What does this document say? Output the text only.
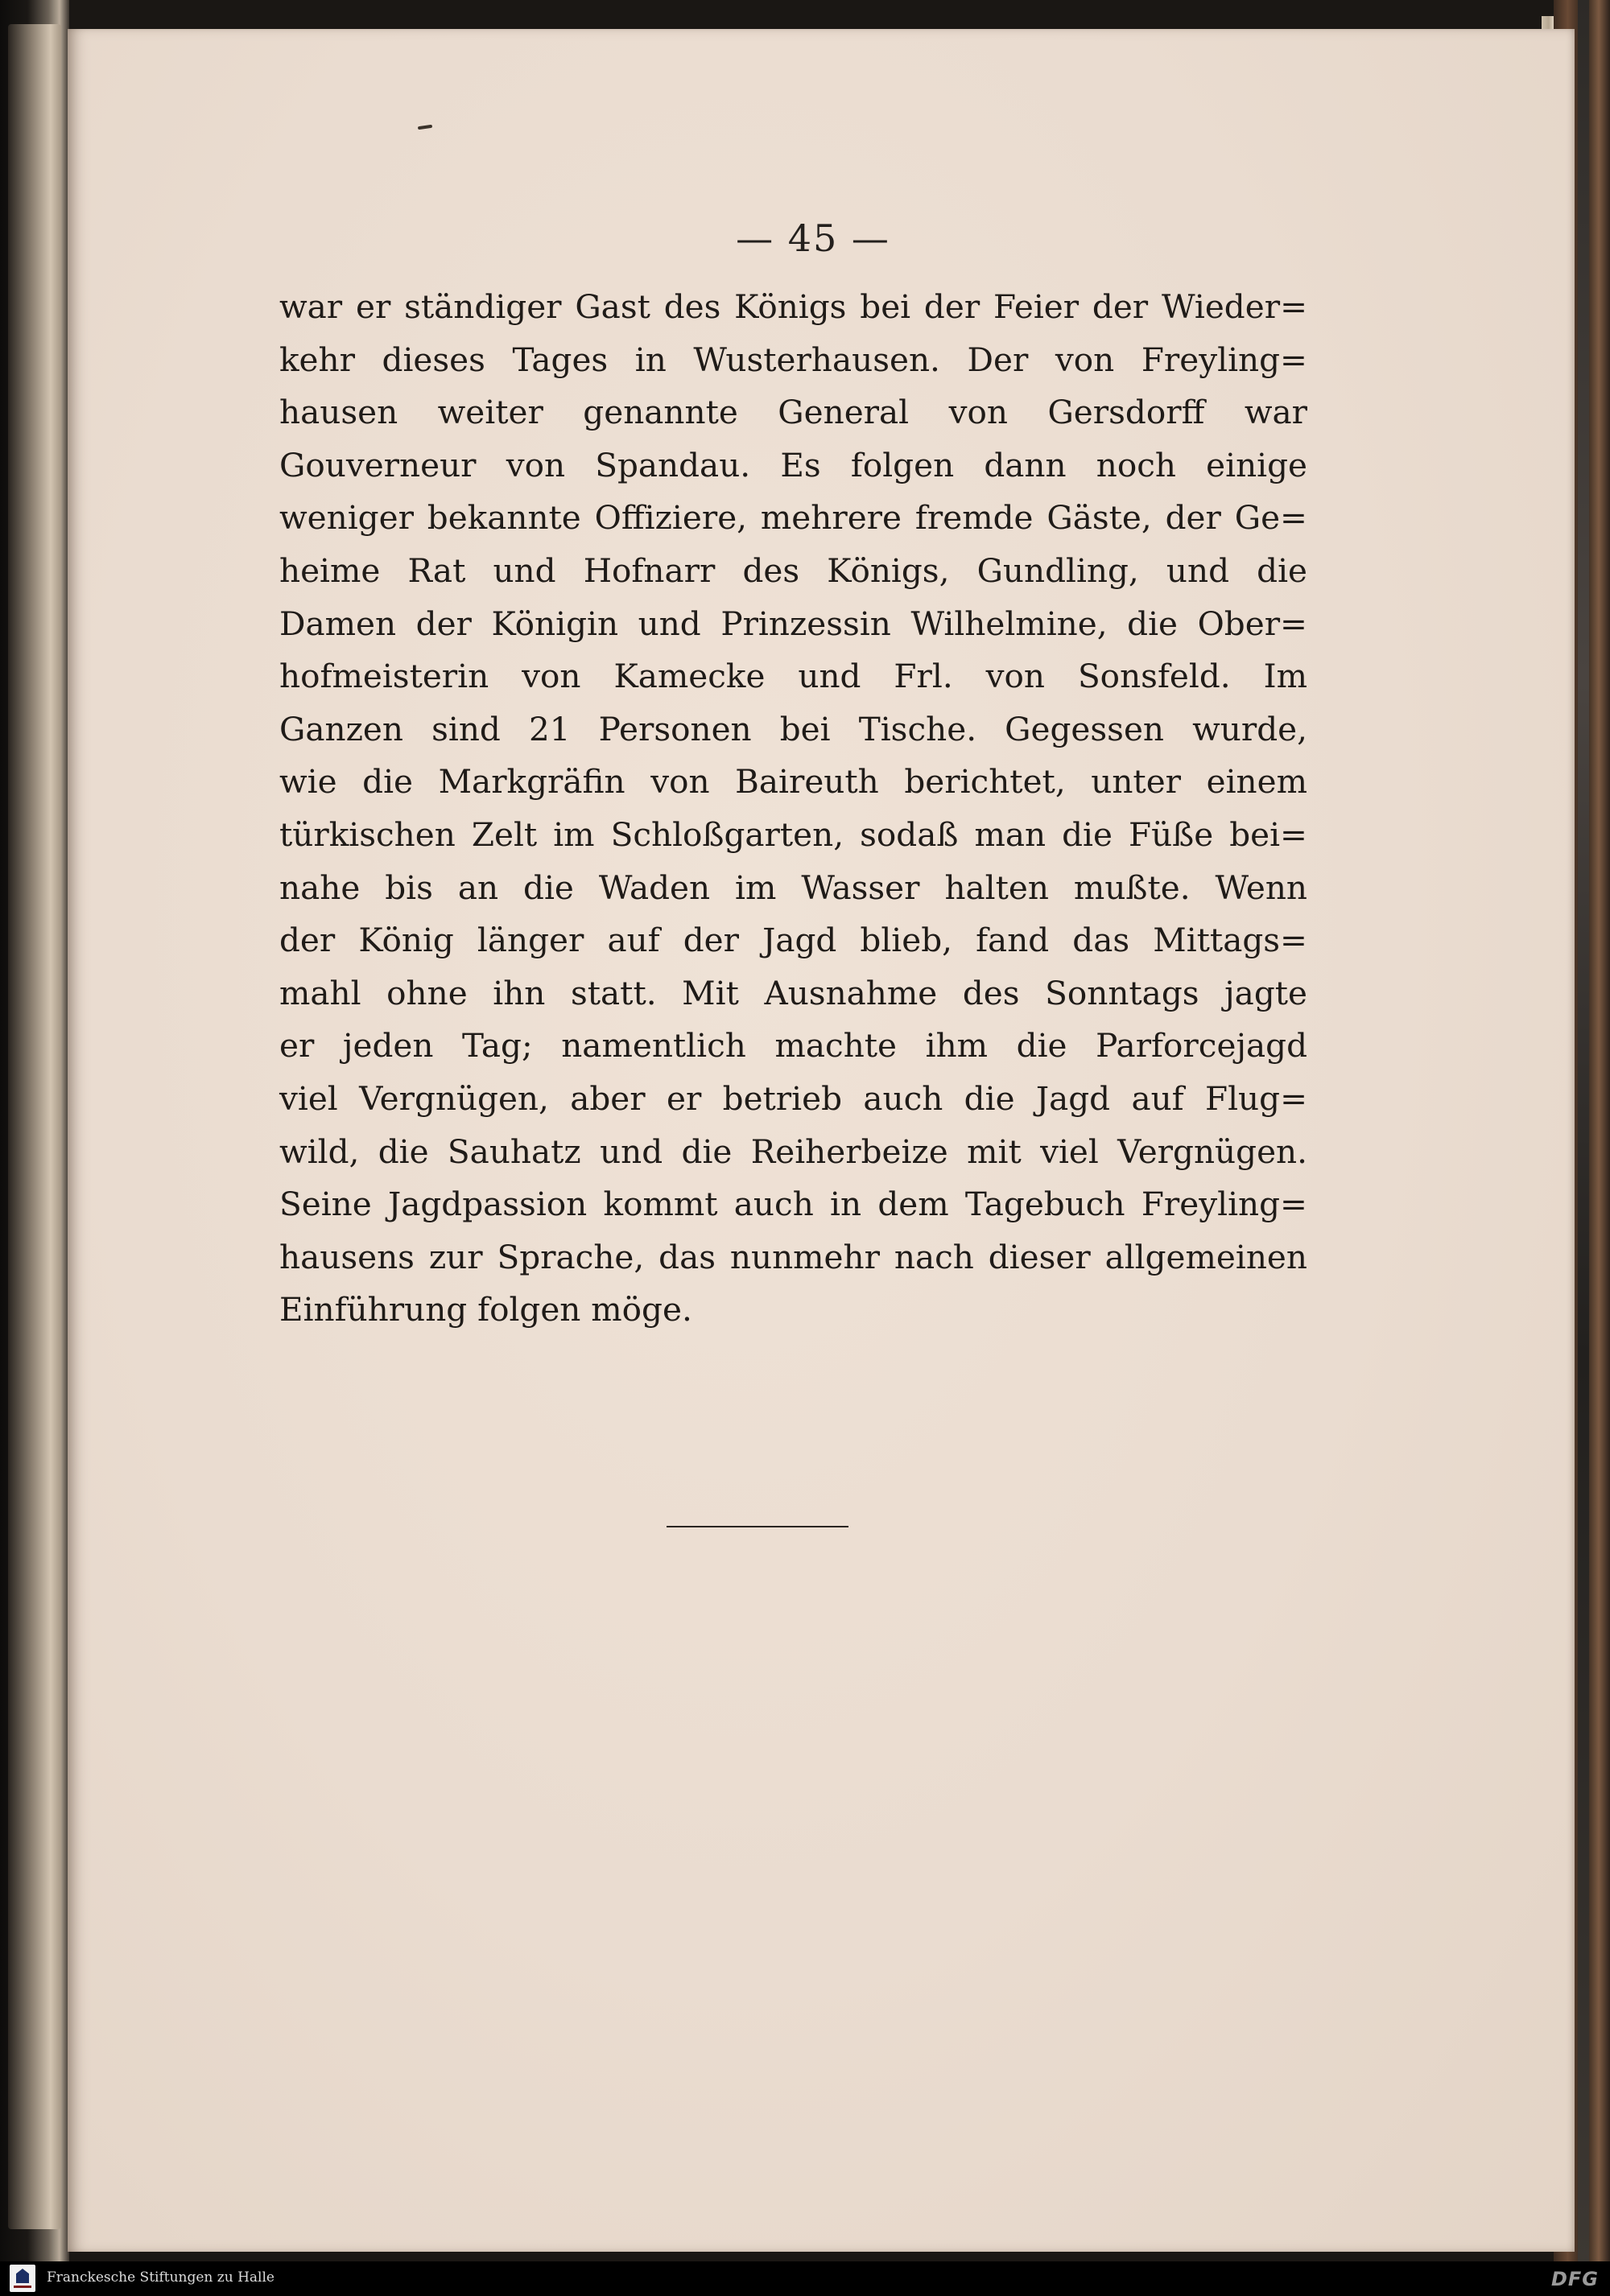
— 45 —
war er ständiger Gast des Königs bei der Feier der Wieder=
kehr dieses Tages in Wusterhausen. Der von Freyling=
hausen weiter genannte General von Gersdorff war
Gouverneur von Spandau. Es folgen dann noch einige
weniger bekannte Offiziere, mehrere fremde Gäste, der Ge=
heime Rat und Hofnarr des Königs, Gundling, und die
Damen der Königin und Prinzessin Wilhelmine, die Ober=
hofmeisterin von Kamecke und Frl. von Sonsfeld. Im
Ganzen sind 21 Personen bei Tische. Gegessen wurde,
wie die Markgräfin von Baireuth berichtet, unter einem
türkischen Zelt im Schloßgarten, sodaß man die Füße bei=
nahe bis an die Waden im Wasser halten mußte. Wenn
der König länger auf der Jagd blieb, fand das Mittags=
mahl ohne ihn statt. Mit Ausnahme des Sonntags jagte
er jeden Tag; namentlich machte ihm die Parforcejagd
viel Vergnügen, aber er betrieb auch die Jagd auf Flug=
wild, die Sauhatz und die Reiherbeize mit viel Vergnügen.
Seine Jagdpassion kommt auch in dem Tagebuch Freyling=
hausens zur Sprache, das nunmehr nach dieser allgemeinen
Einführung folgen möge.
Franckesche Stiftungen zu Halle	DFG
